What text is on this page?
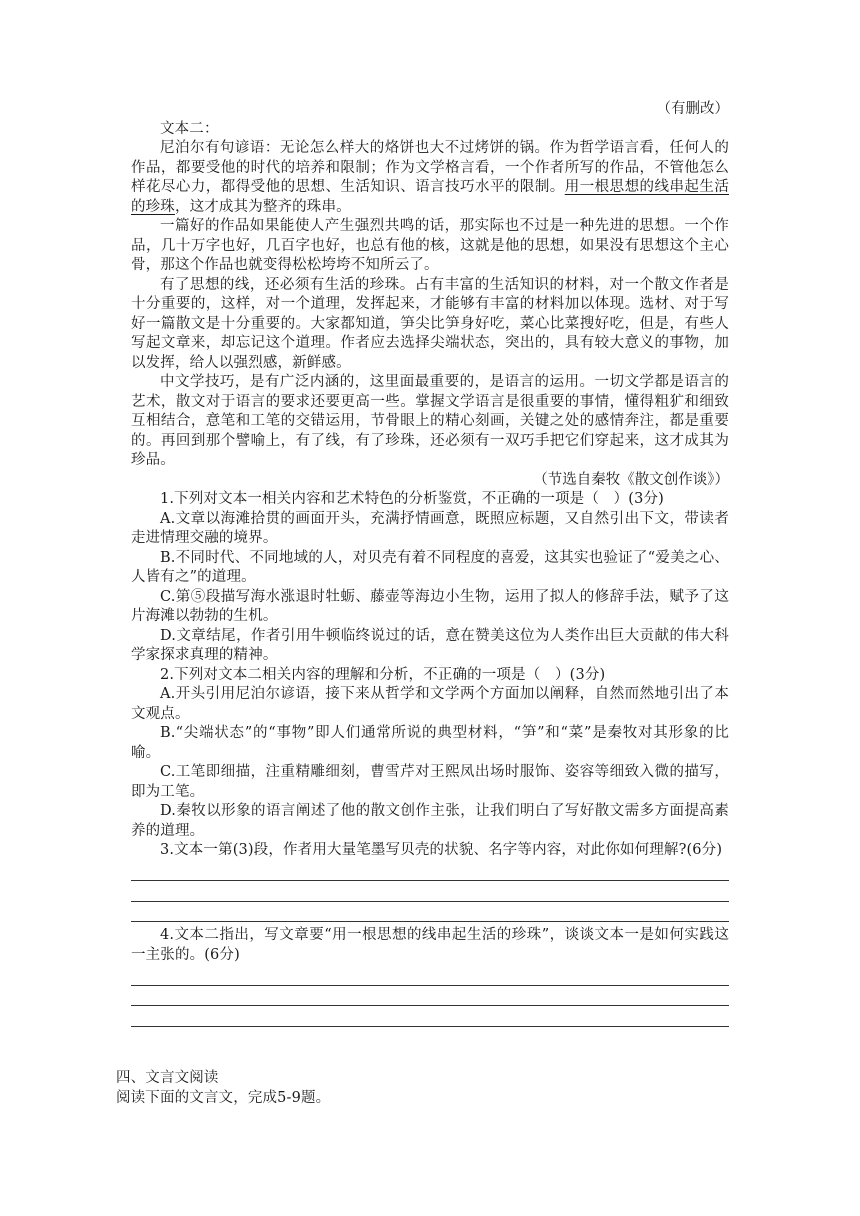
（有删改）

文本二：

尼泊尔有句谚语：无论怎么样大的烙饼也大不过烤饼的锅。作为哲学语言看，任何人的作品，都要受他的时代的培养和限制；作为文学格言看，一个作者所写的作品，不管他怎么样花尽心力，都得受他的思想、生活知识、语言技巧水平的限制。用一根思想的线串起生活的珍珠，这才成其为整齐的珠串。

一篇好的作品如果能使人产生强烈共鸣的话，那实际也不过是一种先进的思想。一个作品，几十万字也好，几百字也好，也总有他的核，这就是他的思想，如果没有思想这个主心骨，那这个作品也就变得松松垮垮不知所云了。

有了思想的线，还必须有生活的珍珠。占有丰富的生活知识的材料，对一个散文作者是十分重要的，这样，对一个道理，发挥起来，才能够有丰富的材料加以体现。选材、对于写好一篇散文是十分重要的。大家都知道，笋尖比笋身好吃，菜心比菜搜好吃，但是，有些人写起文章来，却忘记这个道理。作者应去选择尖端状态，突出的，具有较大意义的事物，加以发挥，给人以强烈感，新鲜感。

中文学技巧，是有广泛内涵的，这里面最重要的，是语言的运用。一切文学都是语言的艺术，散文对于语言的要求还要更高一些。掌握文学语言是很重要的事情，懂得粗犷和细致互相结合，意笔和工笔的交错运用，节骨眼上的精心刻画，关键之处的感情奔注，都是重要的。再回到那个譬喻上，有了线，有了珍珠，还必须有一双巧手把它们穿起来，这才成其为珍品。

（节选自秦牧《散文创作谈》）

1.下列对文本一相关内容和艺术特色的分析鉴赏，不正确的一项是（　）(3分)

A.文章以海滩拾贯的画面开头，充满抒情画意，既照应标题，又自然引出下文，带读者走进情理交融的境界。

B.不同时代、不同地域的人，对贝壳有着不同程度的喜爱，这其实也验证了“爱美之心、人皆有之”的道理。

C.第⑤段描写海水涨退时牡蛎、藤壶等海边小生物，运用了拟人的修辞手法，赋予了这片海滩以勃勃的生机。

D.文章结尾，作者引用牛顿临终说过的话，意在赞美这位为人类作出巨大贡献的伟大科学家探求真理的精神。

2.下列对文本二相关内容的理解和分析，不正确的一项是（　）(3分)

A.开头引用尼泊尔谚语，接下来从哲学和文学两个方面加以阐释，自然而然地引出了本文观点。

B.“尖端状态”的“事物”即人们通常所说的典型材料，“笋”和“菜”是秦牧对其形象的比喻。

C.工笔即细描，注重精雕细刻，曹雪芹对王熙凤出场时服饰、姿容等细致入微的描写，即为工笔。

D.秦牧以形象的语言阐述了他的散文创作主张，让我们明白了写好散文需多方面提高素养的道理。

3.文本一第(3)段，作者用大量笔墨写贝壳的状貌、名字等内容，对此你如何理解?(6分)

4.文本二指出，写文章要“用一根思想的线串起生活的珍珠”，谈谈文本一是如何实践这一主张的。(6分)

四、文言文阅读

阅读下面的文言文，完成5-9题。
